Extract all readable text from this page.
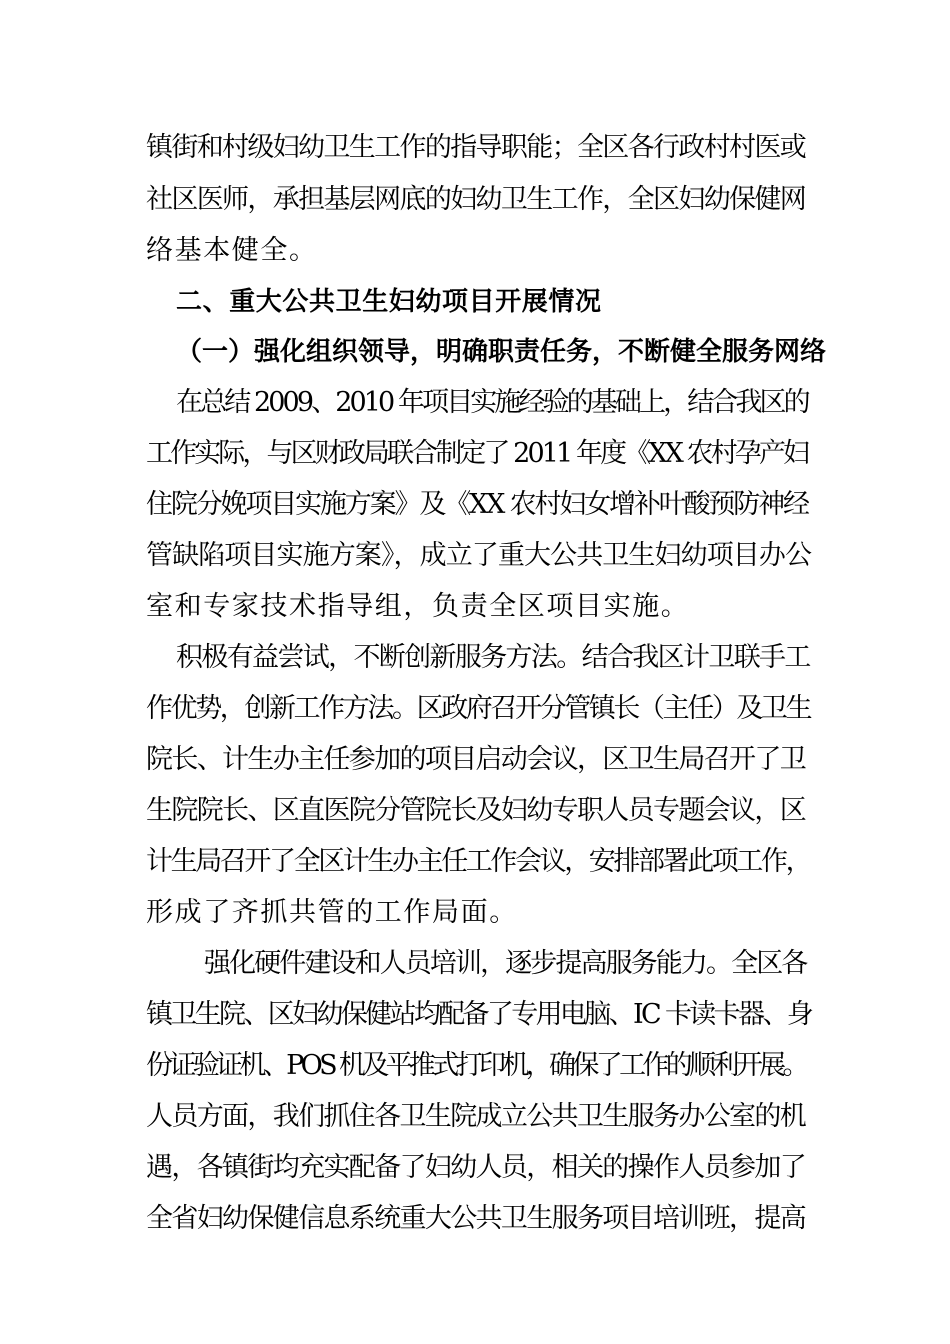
镇街和村级妇幼卫生工作的指导职能；全区各行政村村医或
社区医师，承担基层网底的妇幼卫生工作，全区妇幼保健网
络基本健全。
二、重大公共卫生妇幼项目开展情况
（一）强化组织领导，明确职责任务，不断健全服务网络
在总结 2009、2010 年项目实施经验的基础上，结合我区的
工作实际，与区财政局联合制定了 2011 年度《XX 农村孕产妇
住院分娩项目实施方案》及《XX 农村妇女增补叶酸预防神经
管缺陷项目实施方案》，成立了重大公共卫生妇幼项目办公
室和专家技术指导组，负责全区项目实施。
积极有益尝试，不断创新服务方法。结合我区计卫联手工
作优势，创新工作方法。区政府召开分管镇长（主任）及卫生
院长、计生办主任参加的项目启动会议，区卫生局召开了卫
生院院长、区直医院分管院长及妇幼专职人员专题会议，区
计生局召开了全区计生办主任工作会议，安排部署此项工作，
形成了齐抓共管的工作局面。
强化硬件建设和人员培训，逐步提高服务能力。全区各
镇卫生院、区妇幼保健站均配备了专用电脑、IC 卡读卡器、身
份证验证机、POS 机及平推式打印机，确保了工作的顺利开展。
人员方面，我们抓住各卫生院成立公共卫生服务办公室的机
遇，各镇街均充实配备了妇幼人员，相关的操作人员参加了
全省妇幼保健信息系统重大公共卫生服务项目培训班，提高
